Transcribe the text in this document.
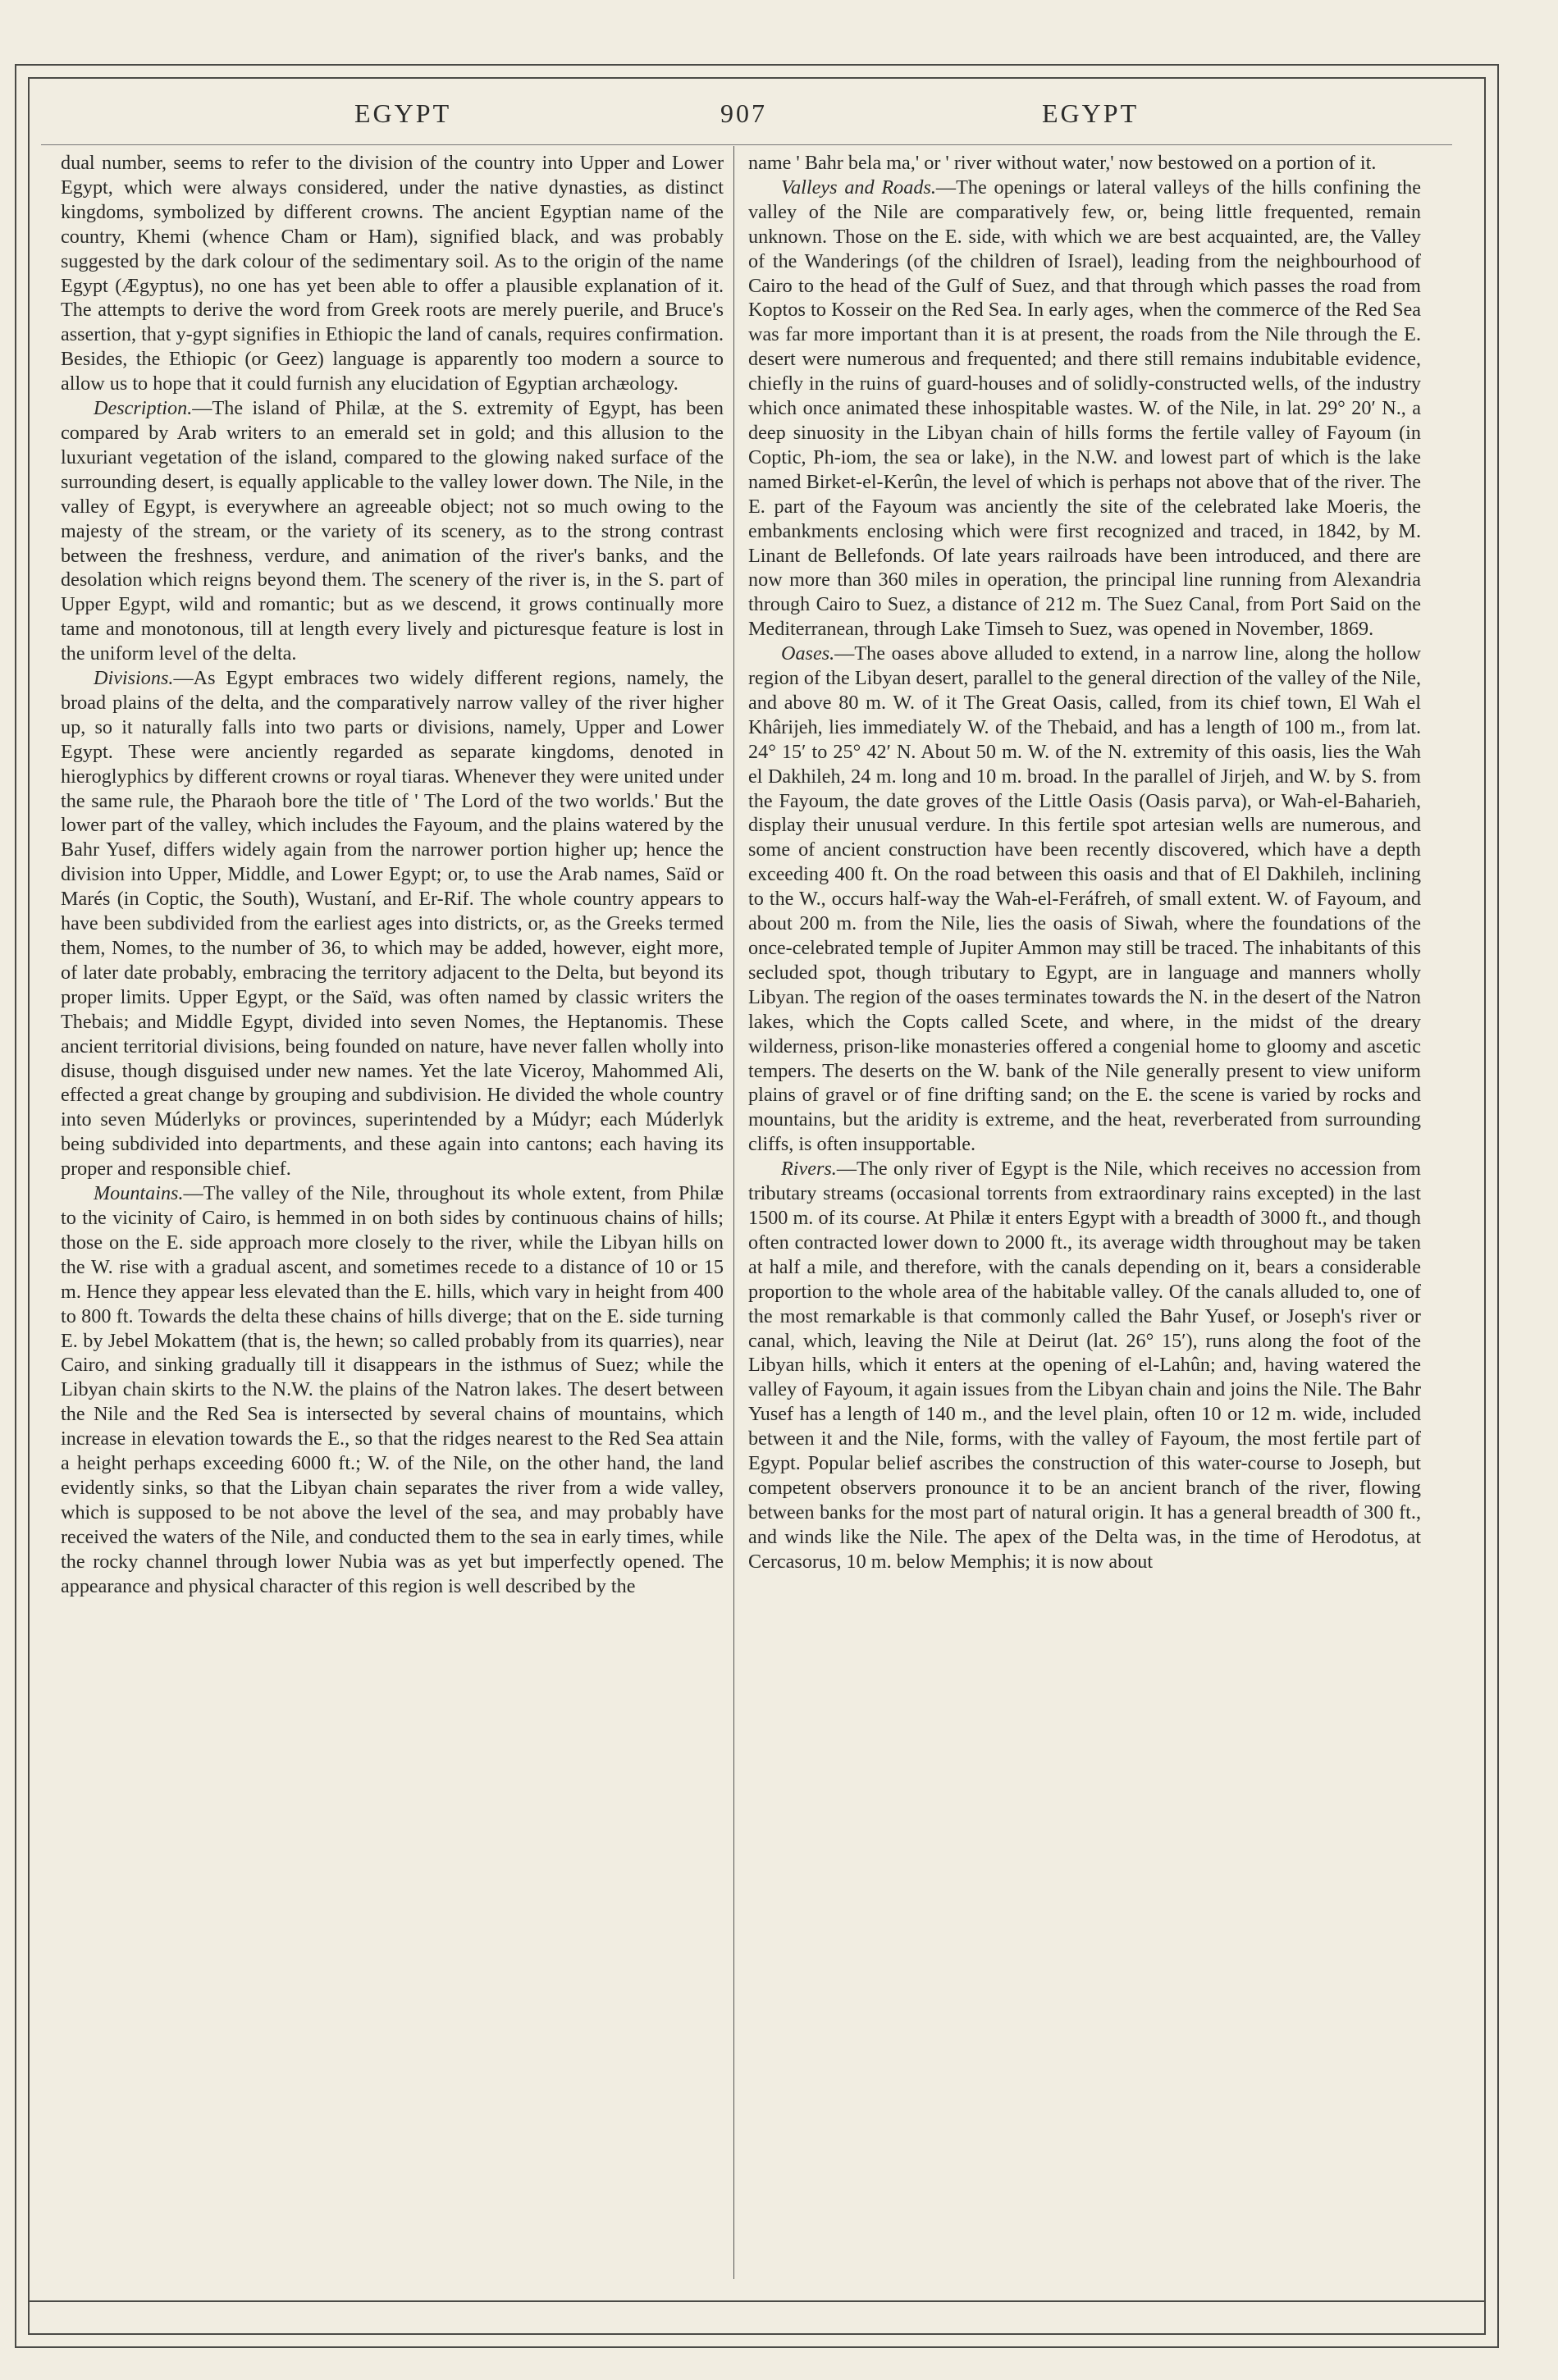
EGYPT	907	EGYPT

dual number, seems to refer to the division of the country into Upper and Lower Egypt, which were always considered, under the native dynasties, as distinct kingdoms, symbolized by different crowns. The ancient Egyptian name of the country, Khemi (whence Cham or Ham), signified black, and was probably suggested by the dark colour of the sedimentary soil. As to the origin of the name Egypt (Ægyptus), no one has yet been able to offer a plausible explanation of it. The attempts to derive the word from Greek roots are merely puerile, and Bruce's assertion, that y-gypt signifies in Ethiopic the land of canals, requires confirmation. Besides, the Ethiopic (or Geez) language is apparently too modern a source to allow us to hope that it could furnish any elucidation of Egyptian archæology.

Description.—The island of Philæ, at the S. extremity of Egypt, has been compared by Arab writers to an emerald set in gold; and this allusion to the luxuriant vegetation of the island, compared to the glowing naked surface of the surrounding desert, is equally applicable to the valley lower down. The Nile, in the valley of Egypt, is everywhere an agreeable object; not so much owing to the majesty of the stream, or the variety of its scenery, as to the strong contrast between the freshness, verdure, and animation of the river's banks, and the desolation which reigns beyond them. The scenery of the river is, in the S. part of Upper Egypt, wild and romantic; but as we descend, it grows continually more tame and monotonous, till at length every lively and picturesque feature is lost in the uniform level of the delta.

Divisions.—As Egypt embraces two widely different regions, namely, the broad plains of the delta, and the comparatively narrow valley of the river higher up, so it naturally falls into two parts or divisions, namely, Upper and Lower Egypt. These were anciently regarded as separate kingdoms, denoted in hieroglyphics by different crowns or royal tiaras. Whenever they were united under the same rule, the Pharaoh bore the title of ' The Lord of the two worlds.' But the lower part of the valley, which includes the Fayoum, and the plains watered by the Bahr Yusef, differs widely again from the narrower portion higher up; hence the division into Upper, Middle, and Lower Egypt; or, to use the Arab names, Saïd or Marés (in Coptic, the South), Wustaní, and Er-Rif. The whole country appears to have been subdivided from the earliest ages into districts, or, as the Greeks termed them, Nomes, to the number of 36, to which may be added, however, eight more, of later date probably, embracing the territory adjacent to the Delta, but beyond its proper limits. Upper Egypt, or the Saïd, was often named by classic writers the Thebais; and Middle Egypt, divided into seven Nomes, the Heptanomis. These ancient territorial divisions, being founded on nature, have never fallen wholly into disuse, though disguised under new names. Yet the late Viceroy, Mahommed Ali, effected a great change by grouping and subdivision. He divided the whole country into seven Múderlyks or provinces, superintended by a Múdyr; each Múderlyk being subdivided into departments, and these again into cantons; each having its proper and responsible chief.

Mountains.—The valley of the Nile, throughout its whole extent, from Philæ to the vicinity of Cairo, is hemmed in on both sides by continuous chains of hills; those on the E. side approach more closely to the river, while the Libyan hills on the W. rise with a gradual ascent, and sometimes recede to a distance of 10 or 15 m. Hence they appear less elevated than the E. hills, which vary in height from 400 to 800 ft. Towards the delta these chains of hills diverge; that on the E. side turning E. by Jebel Mokattem (that is, the hewn; so called probably from its quarries), near Cairo, and sinking gradually till it disappears in the isthmus of Suez; while the Libyan chain skirts to the N.W. the plains of the Natron lakes. The desert between the Nile and the Red Sea is intersected by several chains of mountains, which increase in elevation towards the E., so that the ridges nearest to the Red Sea attain a height perhaps exceeding 6000 ft.; W. of the Nile, on the other hand, the land evidently sinks, so that the Libyan chain separates the river from a wide valley, which is supposed to be not above the level of the sea, and may probably have received the waters of the Nile, and conducted them to the sea in early times, while the rocky channel through lower Nubia was as yet but imperfectly opened. The appearance and physical character of this region is well described by the

name ' Bahr bela ma,' or ' river without water,' now bestowed on a portion of it.

Valleys and Roads.—The openings or lateral valleys of the hills confining the valley of the Nile are comparatively few, or, being little frequented, remain unknown. Those on the E. side, with which we are best acquainted, are, the Valley of the Wanderings (of the children of Israel), leading from the neighbourhood of Cairo to the head of the Gulf of Suez, and that through which passes the road from Koptos to Kosseir on the Red Sea. In early ages, when the commerce of the Red Sea was far more important than it is at present, the roads from the Nile through the E. desert were numerous and frequented; and there still remains indubitable evidence, chiefly in the ruins of guard-houses and of solidly-constructed wells, of the industry which once animated these inhospitable wastes. W. of the Nile, in lat. 29° 20′ N., a deep sinuosity in the Libyan chain of hills forms the fertile valley of Fayoum (in Coptic, Ph-iom, the sea or lake), in the N.W. and lowest part of which is the lake named Birket-el-Kerûn, the level of which is perhaps not above that of the river. The E. part of the Fayoum was anciently the site of the celebrated lake Moeris, the embankments enclosing which were first recognized and traced, in 1842, by M. Linant de Bellefonds. Of late years railroads have been introduced, and there are now more than 360 miles in operation, the principal line running from Alexandria through Cairo to Suez, a distance of 212 m. The Suez Canal, from Port Said on the Mediterranean, through Lake Timseh to Suez, was opened in November, 1869.

Oases.—The oases above alluded to extend, in a narrow line, along the hollow region of the Libyan desert, parallel to the general direction of the valley of the Nile, and above 80 m. W. of it The Great Oasis, called, from its chief town, El Wah el Khârijeh, lies immediately W. of the Thebaid, and has a length of 100 m., from lat. 24° 15′ to 25° 42′ N. About 50 m. W. of the N. extremity of this oasis, lies the Wah el Dakhileh, 24 m. long and 10 m. broad. In the parallel of Jirjeh, and W. by S. from the Fayoum, the date groves of the Little Oasis (Oasis parva), or Wah-el-Baharieh, display their unusual verdure. In this fertile spot artesian wells are numerous, and some of ancient construction have been recently discovered, which have a depth exceeding 400 ft. On the road between this oasis and that of El Dakhileh, inclining to the W., occurs half-way the Wah-el-Feráfreh, of small extent. W. of Fayoum, and about 200 m. from the Nile, lies the oasis of Siwah, where the foundations of the once-celebrated temple of Jupiter Ammon may still be traced. The inhabitants of this secluded spot, though tributary to Egypt, are in language and manners wholly Libyan. The region of the oases terminates towards the N. in the desert of the Natron lakes, which the Copts called Scete, and where, in the midst of the dreary wilderness, prison-like monasteries offered a congenial home to gloomy and ascetic tempers. The deserts on the W. bank of the Nile generally present to view uniform plains of gravel or of fine drifting sand; on the E. the scene is varied by rocks and mountains, but the aridity is extreme, and the heat, reverberated from surrounding cliffs, is often insupportable.

Rivers.—The only river of Egypt is the Nile, which receives no accession from tributary streams (occasional torrents from extraordinary rains excepted) in the last 1500 m. of its course. At Philæ it enters Egypt with a breadth of 3000 ft., and though often contracted lower down to 2000 ft., its average width throughout may be taken at half a mile, and therefore, with the canals depending on it, bears a considerable proportion to the whole area of the habitable valley. Of the canals alluded to, one of the most remarkable is that commonly called the Bahr Yusef, or Joseph's river or canal, which, leaving the Nile at Deirut (lat. 26° 15′), runs along the foot of the Libyan hills, which it enters at the opening of el-Lahûn; and, having watered the valley of Fayoum, it again issues from the Libyan chain and joins the Nile. The Bahr Yusef has a length of 140 m., and the level plain, often 10 or 12 m. wide, included between it and the Nile, forms, with the valley of Fayoum, the most fertile part of Egypt. Popular belief ascribes the construction of this water-course to Joseph, but competent observers pronounce it to be an ancient branch of the river, flowing between banks for the most part of natural origin. It has a general breadth of 300 ft., and winds like the Nile. The apex of the Delta was, in the time of Herodotus, at Cercasorus, 10 m. below Memphis; it is now about
